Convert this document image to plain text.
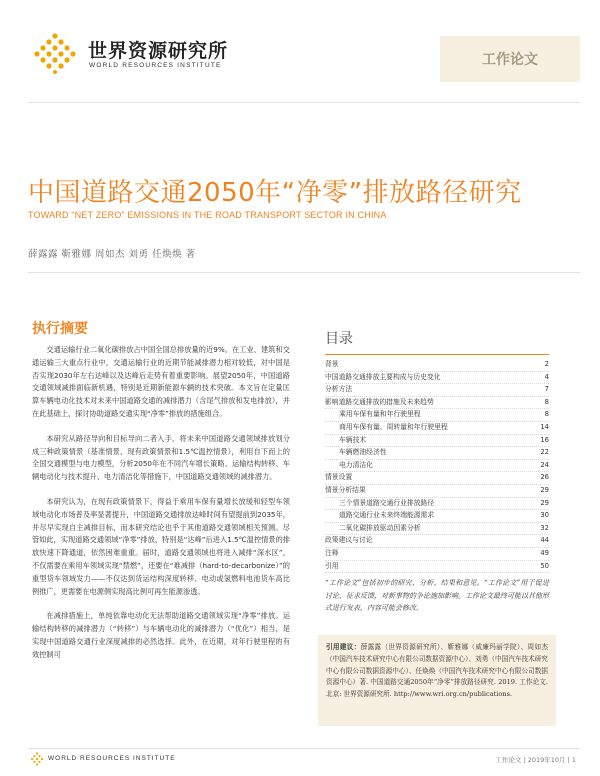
世界资源研究所
WORLD RESOURCES INSTITUTE	工作论文
中国道路交通2050年“净零”排放路径研究
TOWARD “NET ZERO” EMISSIONS IN THE ROAD TRANSPORT SECTOR IN CHINA
薛露露 靳雅娜 周如杰 刘勇 任焕焕 著
执行摘要

交通运输行业二氧化碳排放占中国全国总排放量的近9%。在工业、建筑和交通运输三大重点行业中，交通运输行业的近期节能减排潜力相对较低，对中国是否实现2030年左右达峰以及达峰后走势有着重要影响。展望2050年，中国道路交通领域减排面临新机遇，特别是近期新能源车辆的技术突破。本文旨在定量匡算车辆电动化技术对未来中国道路交通的减排潜力（含尾气排放和发电排放），并在此基础上，探讨协助道路交通实现“净零”排放的措施组合。

本研究从路径导向和目标导向二者入手，将未来中国道路交通领域排放划分成三种政策情景（基准情景、现有政策情景和1.5℃温控情景），利用自下而上的全国交通模型与电力模型，分析2050年在不同汽车增长策略、运输结构转移、车辆电动化与技术提升、电力清洁化等措施下，中国道路交通领域的减排潜力。

本研究认为，在现有政策情景下，得益于乘用车保有量增长放缓和轻型车领域电动化市场普及率显著提升，中国道路交通排放达峰时间有望提前到2035年，并尽早实现自主减排目标，而本研究结论也乎于其他道路交通领域相关预测。尽管如此，实现道路交通领域“净零”排放，特别是“达峰”后进入1.5℃温控情景的排放快速下降通道，依然困难重重。届时，道路交通领域也将进入减排“深水区”，不仅需要在乘用车领域实现“禁燃”，还要在“难减排（hard-to-decarbonize）”的重型货车领域发力——不仅达到货运结构深度转移、电动或氢燃料电池货车高比例推广，更需要在电源侧实现高比例可再生能源渗透。

在减排措施上，单纯依靠电动化无法帮助道路交通领域实现“净零”排放。运输结构转移的减排潜力（“转移”）与车辆电动化的减排潜力（“优化”）相当，是实现中国道路交通行业深度减排的必然选择。此外，在近期，对年行驶里程的有效控制可

目录
背景	2
中国道路交通排放主要构成与历史变化	4
分析方法	7
影响道路交通排放的措施及未来趋势	8
乘用车保有量和年行驶里程	8
商用车保有量、周转量和年行驶里程	14
车辆技术	16
车辆燃油经济性	22
电力清洁化	24
情景设置	26
情景分析结果	29
三个情景道路交通行业排放路径	29
道路交通行业未来终端能源需求	30
二氧化碳排放驱动因素分析	32
政策建议与讨论	44
注释	49
引用	50
“工作论文”包括初步的研究、分析、结果和意见。“工作论文”用于促进讨论、征求反馈，对新事物的争论施加影响。工作论文最终可能以其他形式进行发表，内容可能会修改。
引用建议：薛露露（世界资源研究所）、靳雅娜（威廉玛丽学院）、周如杰（中国汽车技术研究中心有限公司数据资源中心）、刘勇（中国汽车技术研究中心有限公司数据资源中心）、任焕焕（中国汽车技术研究中心有限公司数据资源中心）著. 中国道路交通2050年“净零”排放路径研究. 2019. 工作论文. 北京: 世界资源研究所. http://www.wri.org.cn/publications.
WORLD RESOURCES INSTITUTE	工作论文 | 2019年10月 | 1
